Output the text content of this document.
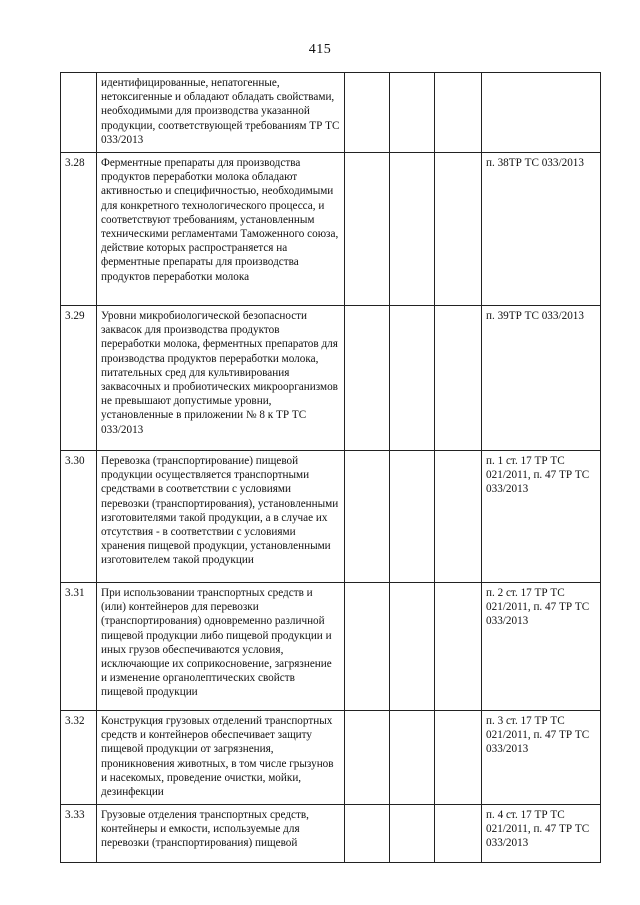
415
	идентифицированные, непатогенные, нетоксигенные и обладают обладать свойствами, необходимыми для производства указанной продукции, соответствующей требованиям ТР ТС 033/2013				
3.28	Ферментные препараты для производства продуктов переработки молока обладают активностью и специфичностью, необходимыми для конкретного технологического процесса, и соответствуют требованиям, установленным техническими регламентами Таможенного союза, действие которых распространяется на ферментные препараты для производства продуктов переработки молока				п. 38ТР ТС 033/2013
3.29	Уровни микробиологической безопасности заквасок для производства продуктов переработки молока, ферментных препаратов для производства продуктов переработки молока, питательных сред для культивирования заквасочных и пробиотических микроорганизмов не превышают допустимые уровни, установленные в приложении № 8 к ТР ТС 033/2013				п. 39ТР ТС 033/2013
3.30	Перевозка (транспортирование) пищевой продукции осуществляется транспортными средствами в соответствии с условиями перевозки (транспортирования), установленными изготовителями такой продукции, а в случае их отсутствия - в соответствии с условиями хранения пищевой продукции, установленными изготовителем такой продукции				п. 1 ст. 17 ТР ТС 021/2011, п. 47 ТР ТС 033/2013
3.31	При использовании транспортных средств и (или) контейнеров для перевозки (транспортирования) одновременно различной пищевой продукции либо пищевой продукции и иных грузов обеспечиваются условия, исключающие их соприкосновение, загрязнение и изменение органолептических свойств пищевой продукции				п. 2 ст. 17 ТР ТС 021/2011, п. 47 ТР ТС 033/2013
3.32	Конструкция грузовых отделений транспортных средств и контейнеров обеспечивает защиту пищевой продукции от загрязнения, проникновения животных, в том числе грызунов и насекомых, проведение очистки, мойки, дезинфекции				п. 3 ст. 17 ТР ТС 021/2011, п. 47 ТР ТС 033/2013
3.33	Грузовые отделения транспортных средств, контейнеры и емкости, используемые для перевозки (транспортирования) пищевой				п. 4 ст. 17 ТР ТС 021/2011, п. 47 ТР ТС 033/2013
